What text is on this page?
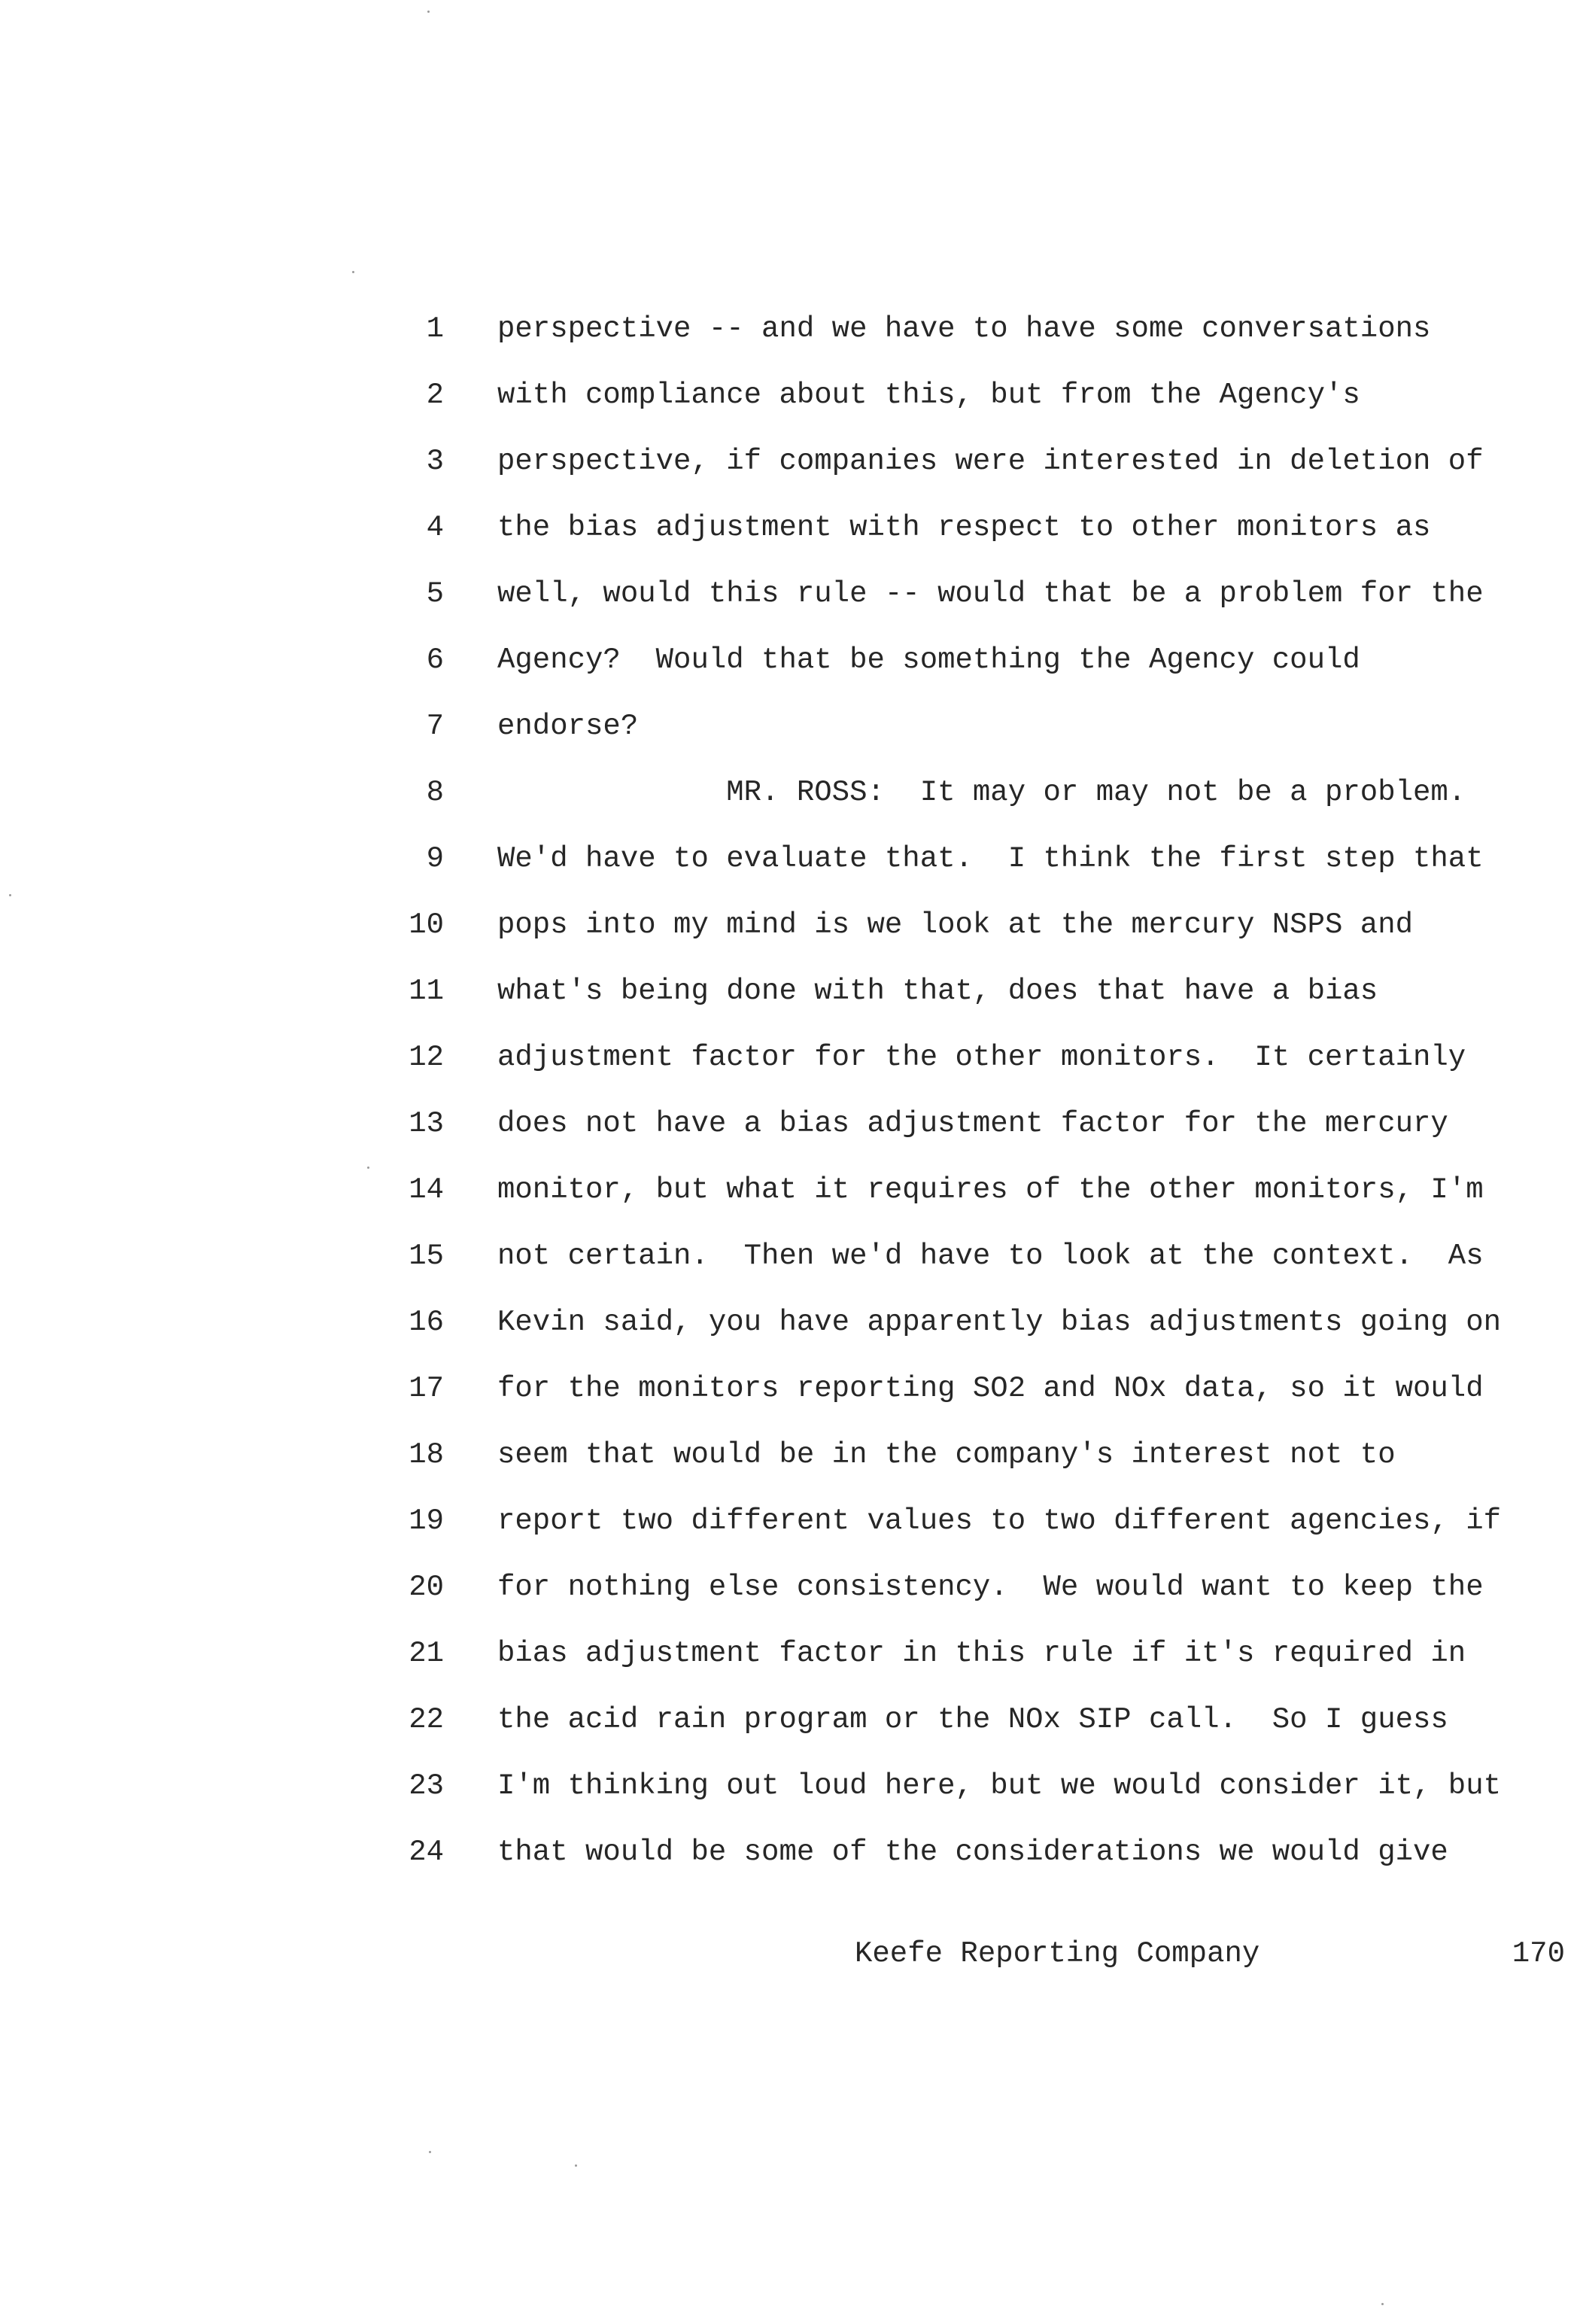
1

perspective -- and we have to have some conversations

2

with compliance about this, but from the Agency's

3

perspective, if companies were interested in deletion of

4

the bias adjustment with respect to other monitors as

5

well, would this rule -- would that be a problem for the

6

Agency?  Would that be something the Agency could

7

endorse?

8

MR. ROSS:  It may or may not be a problem.

9

We'd have to evaluate that.  I think the first step that

10

pops into my mind is we look at the mercury NSPS and

11

what's being done with that, does that have a bias

12

adjustment factor for the other monitors.  It certainly

13

does not have a bias adjustment factor for the mercury

14

monitor, but what it requires of the other monitors, I'm

15

not certain.  Then we'd have to look at the context.  As

16

Kevin said, you have apparently bias adjustments going on

17

for the monitors reporting SO2 and NOx data, so it would

18

seem that would be in the company's interest not to

19

report two different values to two different agencies, if

20

for nothing else consistency.  We would want to keep the

21

bias adjustment factor in this rule if it's required in

22

the acid rain program or the NOx SIP call.  So I guess

23

I'm thinking out loud here, but we would consider it, but

24

that would be some of the considerations we would give

Keefe Reporting Company	170
